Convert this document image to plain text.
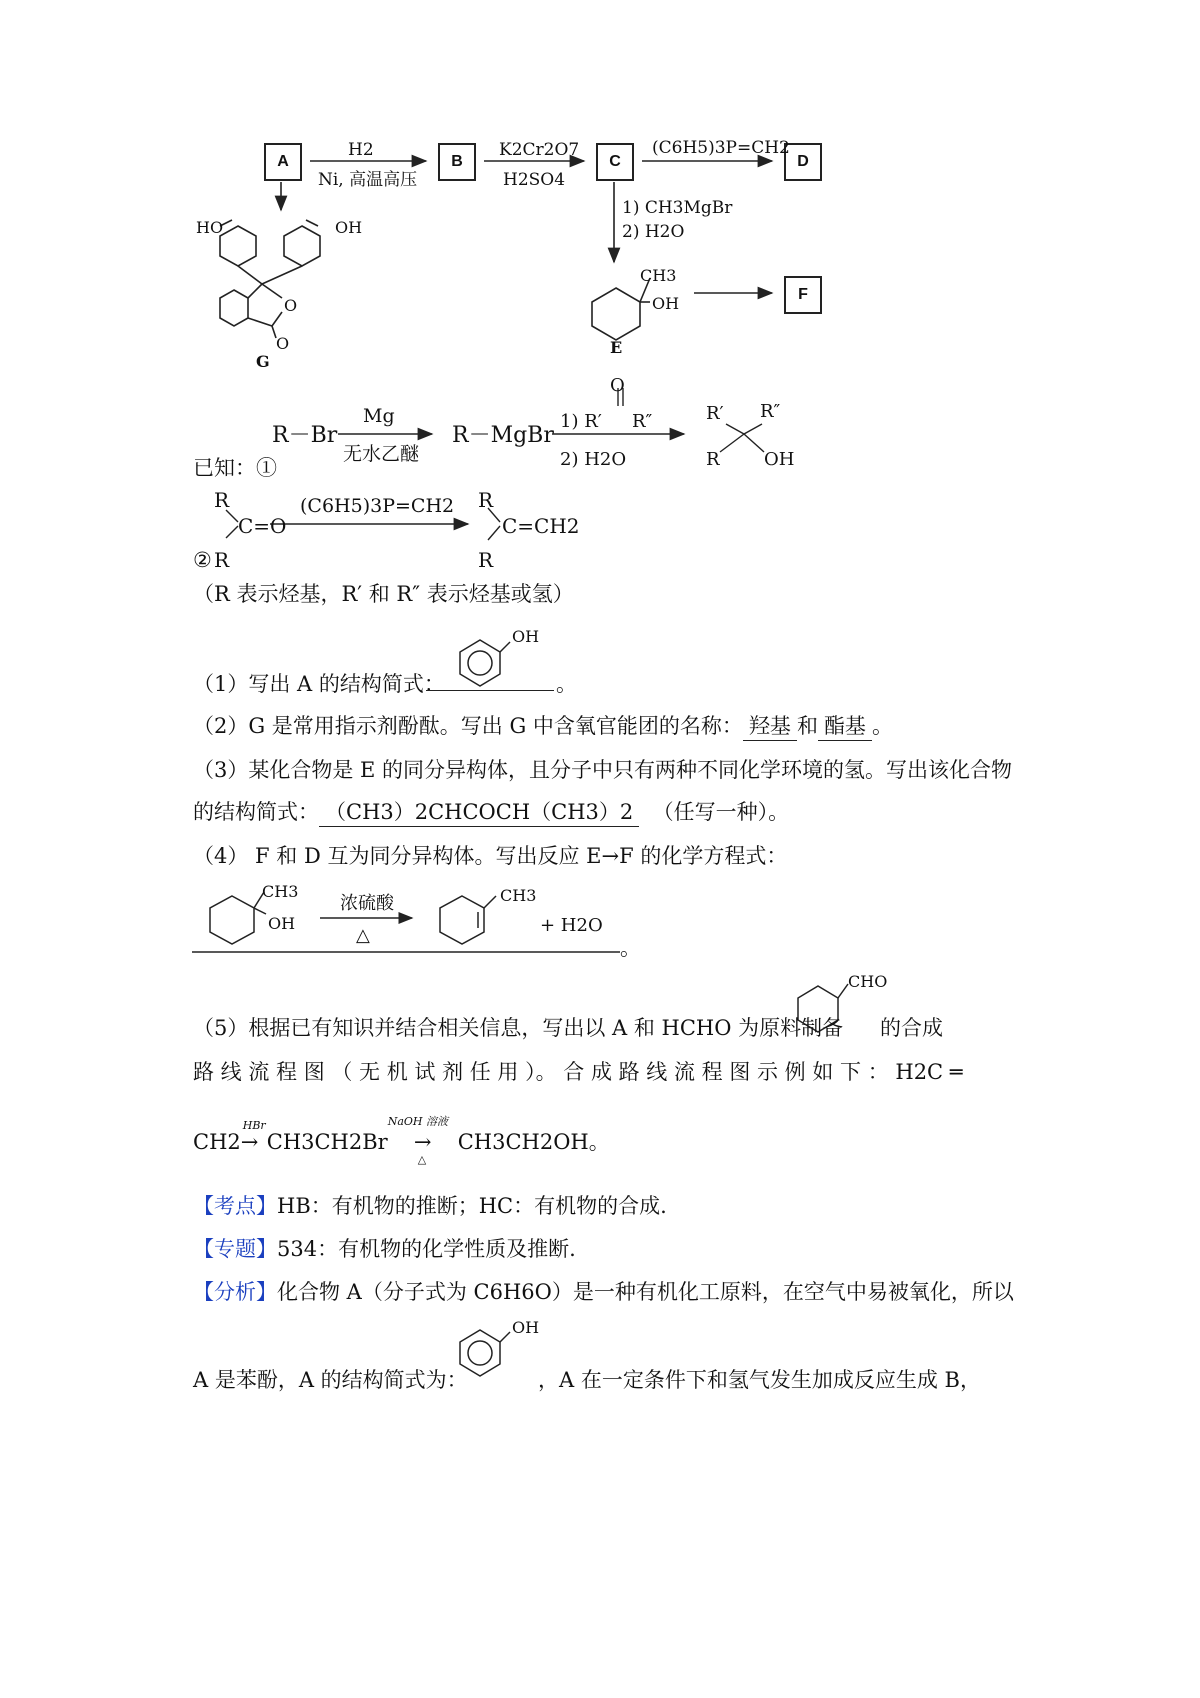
A	B	C	D
F
H2
Ni, 高温高压
K2Cr2O7
H2SO4
(C6H5)3P=CH2
1) CH3MgBr
2) H2O
HO	OH
O
O
G
CH3
OH
E
已知：①
R－Br
Mg
无水乙醚
R－MgBr
O
1) R′ R″
2) H2O
R′ R″
R OH
②
R
R
C=O
(C6H5)3P=CH2 R
R
C=CH2
（R 表示烃基，R′ 和 R″ 表示烃基或氢）
OH
（1）写出 A 的结构简式：	。
（2）G 是常用指示剂酚酞。写出 G 中含氧官能团的名称： 羟基 和 酯基 。
（3）某化合物是 E 的同分异构体，且分子中只有两种不同化学环境的氢。写出该化合物
的结构简式： （CH3）2CHCOCH（CH3）2 （任写一种）。
（4） F 和 D 互为同分异构体。写出反应 E→F 的化学方程式：
CH3
OH
浓硫酸
△
CH3
+ H2O
。
CHO
（5）根据已有知识并结合相关信息，写出以 A 和 HCHO 为原料制备 的合成
路 线 流 程 图 （ 无 机 试 剂 任 用 ）。 合 成 路 线 流 程 图 示 例 如 下 ： H2C ═
CH2
HBr
→ CH3CH2Br
NaOH 溶液
→
△
CH3CH2OH。
【考点】HB：有机物的推断；HC：有机物的合成.
【专题】534：有机物的化学性质及推断.
【分析】化合物 A（分子式为 C6H6O）是一种有机化工原料，在空气中易被氧化，所以
OH
A 是苯酚，A 的结构简式为：	，A 在一定条件下和氢气发生加成反应生成 B，
